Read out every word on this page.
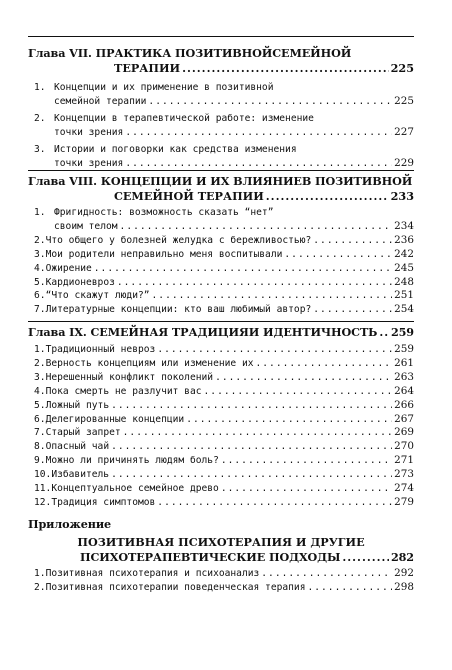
Глава VII. ПРАКТИКА ПОЗИТИВНОЙСЕМЕЙНОЙ
ТЕРАПИИ .....	225
1. Концепции и их применение в позитивной
семейной терапии .....	225
2. Концепции в терапевтической работе: изменение
точки зрения .....	227
3. Истории и поговорки как средства изменения
точки зрения .....	229
Глава VIII. КОНЦЕПЦИИ И ИХ ВЛИЯНИЕВ ПОЗИТИВНОЙ
СЕМЕЙНОЙ ТЕРАПИИ .....	233
1. Фригидность: возможность сказать “нет”
своим телом .....	234
2. Что общего у болезней желудка с бережливостью? .....	236
3. Мои родители неправильно меня воспитывали .....	242
4. Ожирение .....	245
5. Кардионевроз .....	248
6. “Что скажут люди?” .....	251
7. Литературные концепции: кто ваш любимый автор? .....	254
Глава IX. СЕМЕЙНАЯ ТРАДИЦИЯИ ИДЕНТИЧНОСТЬ ..... 259
1. Традиционный невроз .....	259
2. Верность концепциям или изменение их .....	261
3. Нерешенный конфликт поколений .....	263
4. Пока смерть не разлучит вас .....	264
5. Ложный путь .....	266
6. Делегированные концепции .....	267
7. Старый запрет .....	269
8. Опасный чай .....	270
9. Можно ли причинять людям боль? .....	271
10. Избавитель .....	273
11. Концептуальное семейное древо .....	274
12. Традиция симптомов .....	279
Приложение
ПОЗИТИВНАЯ ПСИХОТЕРАПИЯ И ДРУГИЕ
ПСИХОТЕРАПЕВТИЧЕСКИЕ ПОДХОДЫ .....	282
1. Позитивная психотерапия и психоанализ .....	292
2. Позитивная психотерапии поведенческая терапия .....	298
